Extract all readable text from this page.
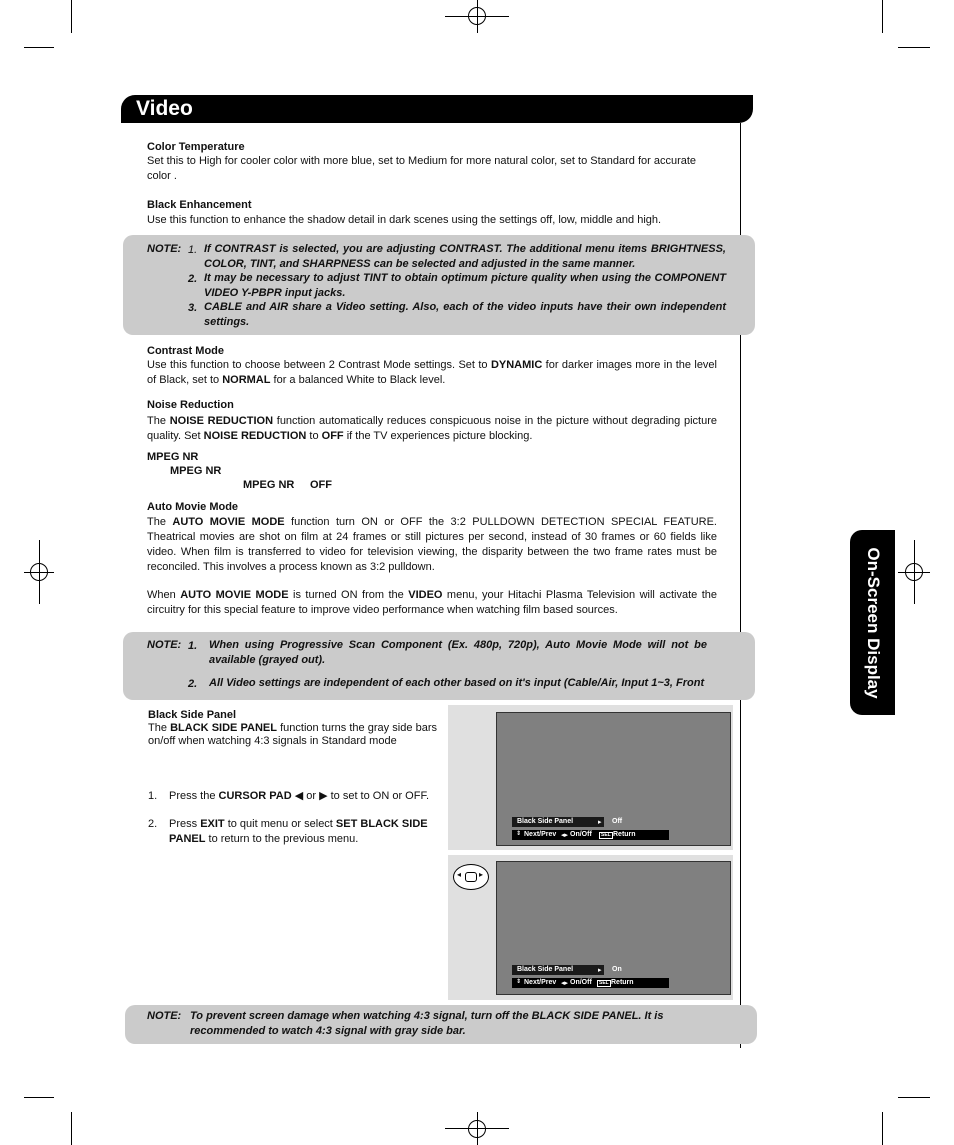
Video
On-Screen Display
Color Temperature
Set this to High for cooler color with more blue, set to Medium for more natural color, set to Standard for accurate color .
Black Enhancement
Use this function to enhance the shadow detail in dark scenes using the settings off, low, middle and high.
NOTE: 1. If CONTRAST is selected, you are adjusting CONTRAST. The additional menu items BRIGHTNESS, COLOR, TINT, and SHARPNESS can be selected and adjusted in the same manner.
2. It may be necessary to adjust TINT to obtain optimum picture quality when using the COMPONENT VIDEO Y-PBPR input jacks.
3. CABLE and AIR share a Video setting. Also, each of the video inputs have their own independent settings.
Contrast Mode
Use this function to choose between 2 Contrast Mode settings. Set to DYNAMIC for darker images more in the level of Black, set to NORMAL for a balanced White to Black level.
Noise Reduction
The NOISE REDUCTION function automatically reduces conspicuous noise in the picture without degrading picture quality. Set NOISE REDUCTION to OFF if the TV experiences picture blocking.
MPEG NR
MPEG NR
MPEG NR OFF
Auto Movie Mode
The AUTO MOVIE MODE function turn ON or OFF the 3:2 PULLDOWN DETECTION SPECIAL FEATURE. Theatrical movies are shot on film at 24 frames or still pictures per second, instead of 30 frames or 60 fields like video. When film is transferred to video for television viewing, the disparity between the two frame rates must be reconciled. This involves a process known as 3:2 pulldown.
When AUTO MOVIE MODE is turned ON from the VIDEO menu, your Hitachi Plasma Television will activate the circuitry for this special feature to improve video performance when watching film based sources.
NOTE: 1. When using Progressive Scan Component (Ex. 480p, 720p), Auto Movie Mode will not be available (grayed out).
2. All Video settings are independent of each other based on it's input (Cable/Air, Input 1~3, Front
Black Side Panel
The BLACK SIDE PANEL function turns the gray side bars on/off when watching 4:3 signals in Standard mode
1. Press the CURSOR PAD ◀ or ▶ to set to ON or OFF.
2. Press EXIT to quit menu or select SET BLACK SIDE PANEL to return to the previous menu.
Black Side Panel	▸ Off
⇕ Next/Prev ◂▸ On/Off	SEL Return
◂ ▸
Black Side Panel	▸ On
⇕ Next/Prev ◂▸ On/Off	SEL Return
NOTE: To prevent screen damage when watching 4:3 signal, turn off the BLACK SIDE PANEL. It is recommended to watch 4:3 signal with gray side bar.
